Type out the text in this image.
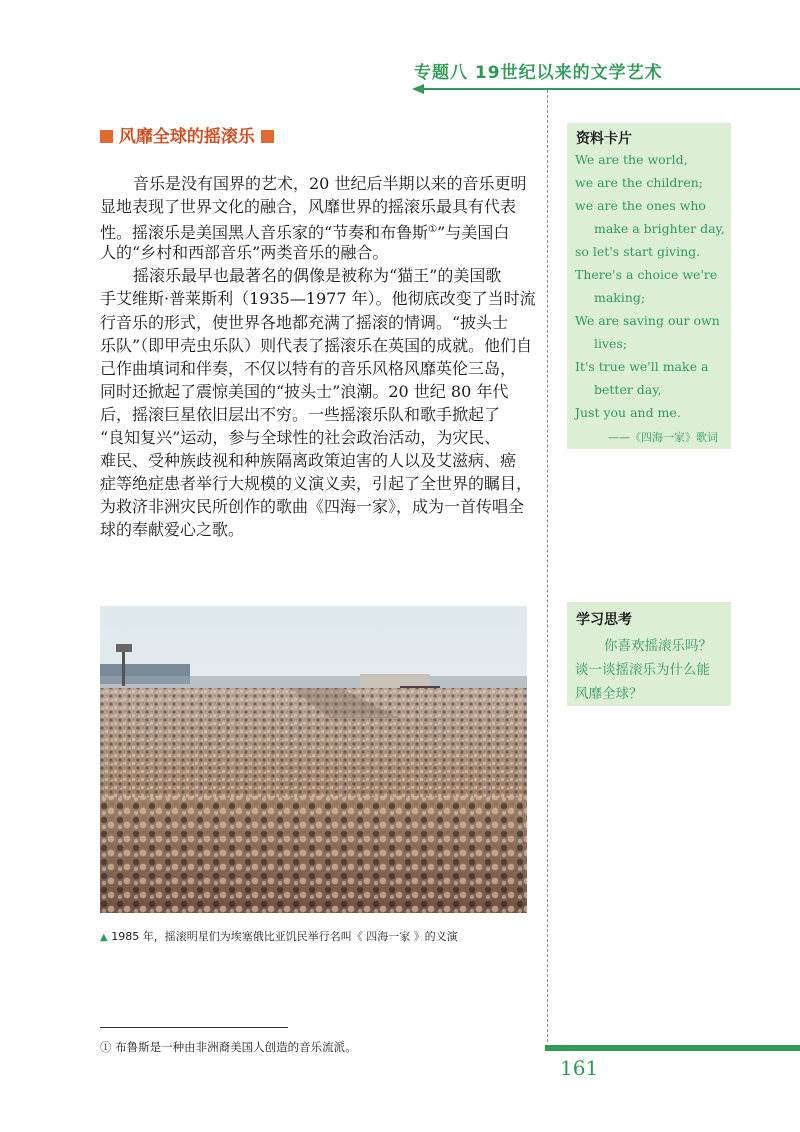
专题八 19世纪以来的文学艺术
风靡全球的摇滚乐
音乐是没有国界的艺术，20 世纪后半期以来的音乐更明
显地表现了世界文化的融合，风靡世界的摇滚乐最具有代表
性。摇滚乐是美国黑人音乐家的“节奏和布鲁斯①”与美国白
人的“乡村和西部音乐”两类音乐的融合。
摇滚乐最早也最著名的偶像是被称为“猫王”的美国歌
手艾维斯·普莱斯利（1935—1977 年）。他彻底改变了当时流
行音乐的形式，使世界各地都充满了摇滚的情调。“披头士
乐队”（即甲壳虫乐队）则代表了摇滚乐在英国的成就。他们自
己作曲填词和伴奏，不仅以特有的音乐风格风靡英伦三岛，
同时还掀起了震惊美国的“披头士”浪潮。20 世纪 80 年代
后，摇滚巨星依旧层出不穷。一些摇滚乐队和歌手掀起了
“良知复兴”运动，参与全球性的社会政治活动，为灾民、
难民、受种族歧视和种族隔离政策迫害的人以及艾滋病、癌
症等绝症患者举行大规模的义演义卖，引起了全世界的瞩目，
为救济非洲灾民所创作的歌曲《四海一家》，成为一首传唱全
球的奉献爱心之歌。
▲ 1985 年，摇滚明星们为埃塞俄比亚饥民举行名叫《 四海一家 》的义演
① 布鲁斯是一种由非洲裔美国人创造的音乐流派。
资料卡片
We are the world,
we are the children;
we are the ones who
make a brighter day,
so let's start giving.
There's a choice we're
making;
We are saving our own
lives;
It's true we'll make a
better day,
Just you and me.
——《四海一家》歌词
学习思考
你喜欢摇滚乐吗？
谈一谈摇滚乐为什么能
风靡全球？
161
